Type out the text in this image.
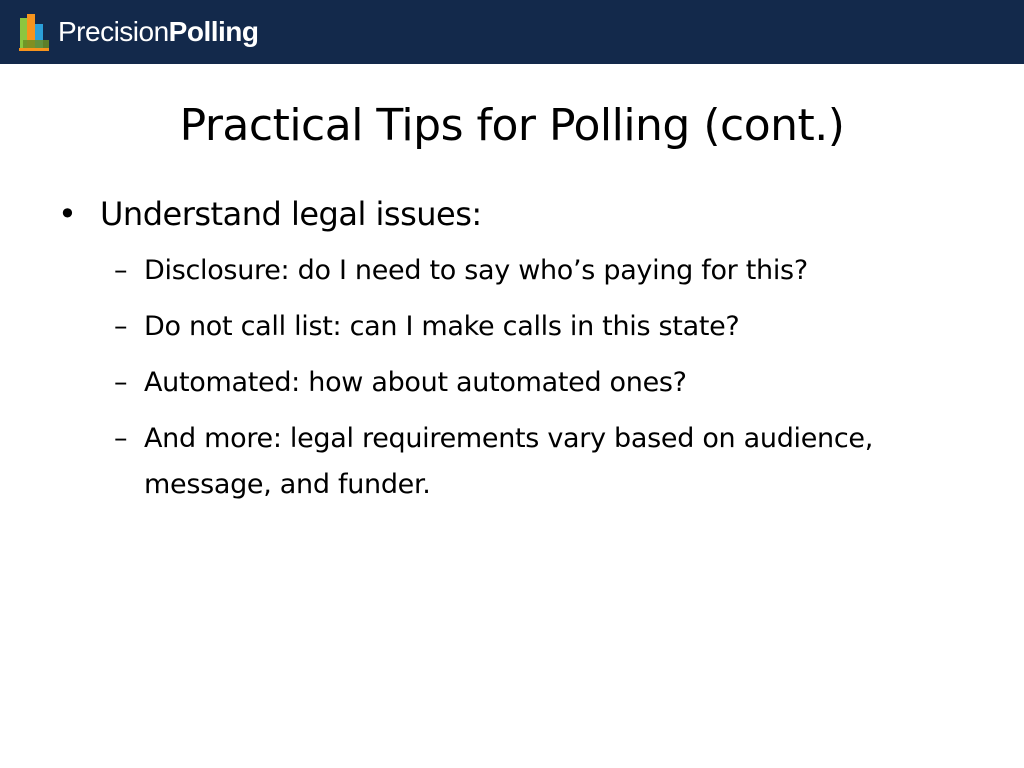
PrecisionPolling
Practical Tips for Polling (cont.)
• Understand legal issues:
– Disclosure: do I need to say who’s paying for this?
– Do not call list: can I make calls in this state?
– Automated: how about automated ones?
– And more: legal requirements vary based on audience, message, and funder.
